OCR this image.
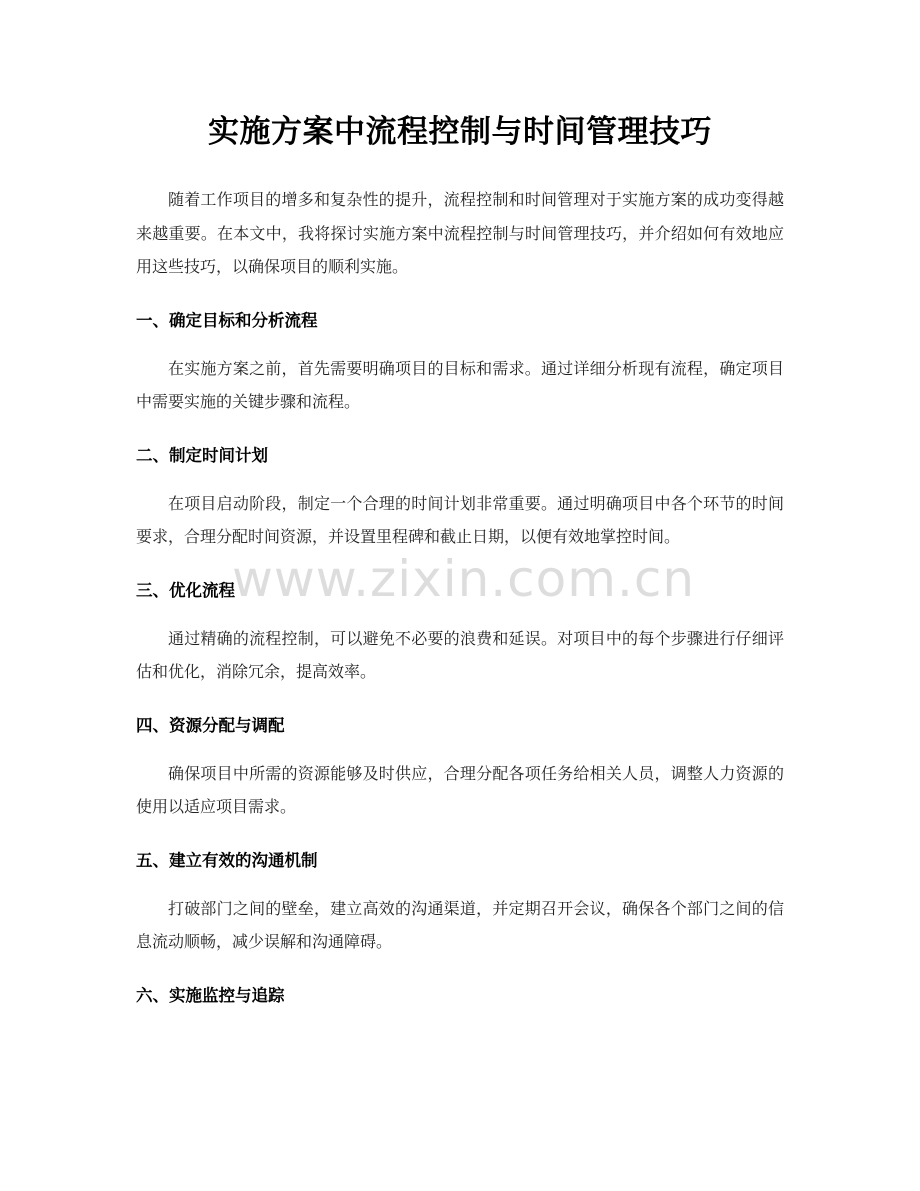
实施方案中流程控制与时间管理技巧

随着工作项目的增多和复杂性的提升，流程控制和时间管理对于实施方案的成功变得越来越重要。在本文中，我将探讨实施方案中流程控制与时间管理技巧，并介绍如何有效地应用这些技巧，以确保项目的顺利实施。

一、确定目标和分析流程

在实施方案之前，首先需要明确项目的目标和需求。通过详细分析现有流程，确定项目中需要实施的关键步骤和流程。

二、制定时间计划

在项目启动阶段，制定一个合理的时间计划非常重要。通过明确项目中各个环节的时间要求，合理分配时间资源，并设置里程碑和截止日期，以便有效地掌控时间。

三、优化流程

通过精确的流程控制，可以避免不必要的浪费和延误。对项目中的每个步骤进行仔细评估和优化，消除冗余，提高效率。

四、资源分配与调配

确保项目中所需的资源能够及时供应，合理分配各项任务给相关人员，调整人力资源的使用以适应项目需求。

五、建立有效的沟通机制

打破部门之间的壁垒，建立高效的沟通渠道，并定期召开会议，确保各个部门之间的信息流动顺畅，减少误解和沟通障碍。

六、实施监控与追踪
www.zixin.com.cn
